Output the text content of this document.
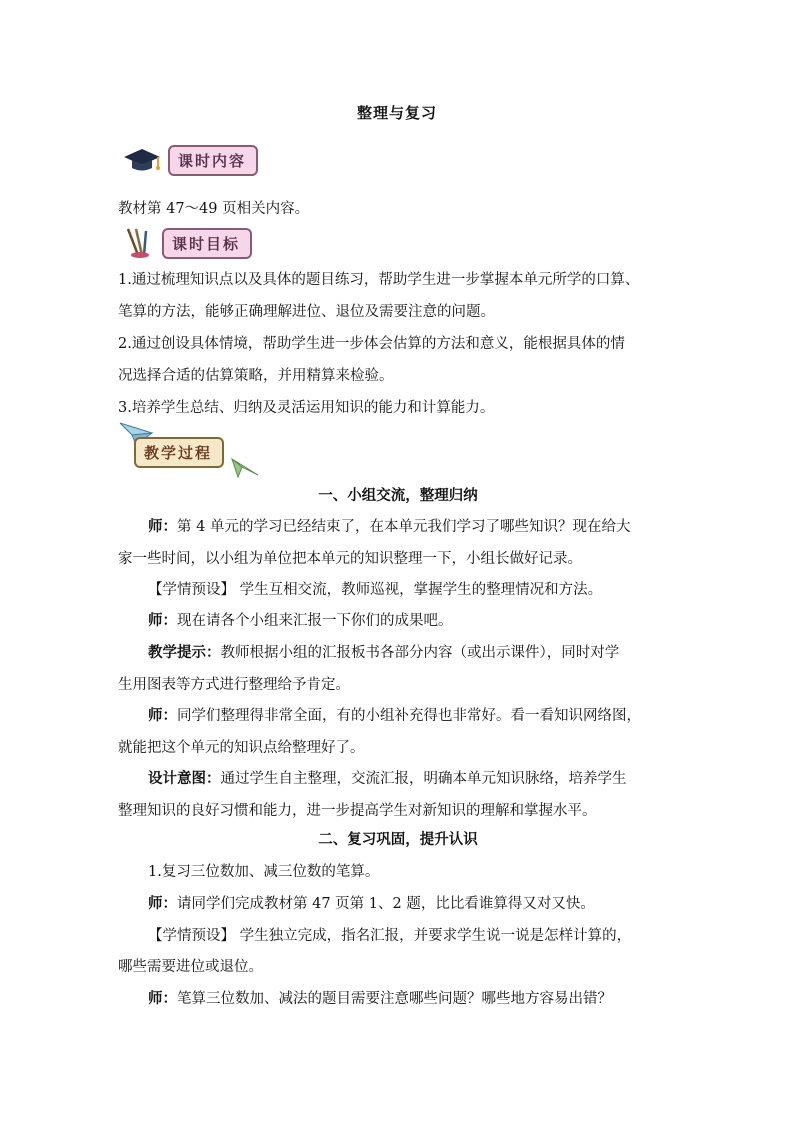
整理与复习
课时内容
教材第 47～49 页相关内容。
课时目标
1.通过梳理知识点以及具体的题目练习，帮助学生进一步掌握本单元所学的口算、
笔算的方法，能够正确理解进位、退位及需要注意的问题。
2.通过创设具体情境，帮助学生进一步体会估算的方法和意义，能根据具体的情
况选择合适的估算策略，并用精算来检验。
3.培养学生总结、归纳及灵活运用知识的能力和计算能力。
教学过程
一、小组交流，整理归纳
师：第 4 单元的学习已经结束了，在本单元我们学习了哪些知识？现在给大
家一些时间，以小组为单位把本单元的知识整理一下，小组长做好记录。
【学情预设】 学生互相交流，教师巡视，掌握学生的整理情况和方法。
师：现在请各个小组来汇报一下你们的成果吧。
教学提示：教师根据小组的汇报板书各部分内容（或出示课件），同时对学
生用图表等方式进行整理给予肯定。
师：同学们整理得非常全面，有的小组补充得也非常好。看一看知识网络图，
就能把这个单元的知识点给整理好了。
设计意图：通过学生自主整理，交流汇报，明确本单元知识脉络，培养学生
整理知识的良好习惯和能力，进一步提高学生对新知识的理解和掌握水平。
二、复习巩固，提升认识
1.复习三位数加、减三位数的笔算。
师：请同学们完成教材第 47 页第 1、2 题，比比看谁算得又对又快。
【学情预设】 学生独立完成，指名汇报，并要求学生说一说是怎样计算的，
哪些需要进位或退位。
师：笔算三位数加、减法的题目需要注意哪些问题？哪些地方容易出错？
